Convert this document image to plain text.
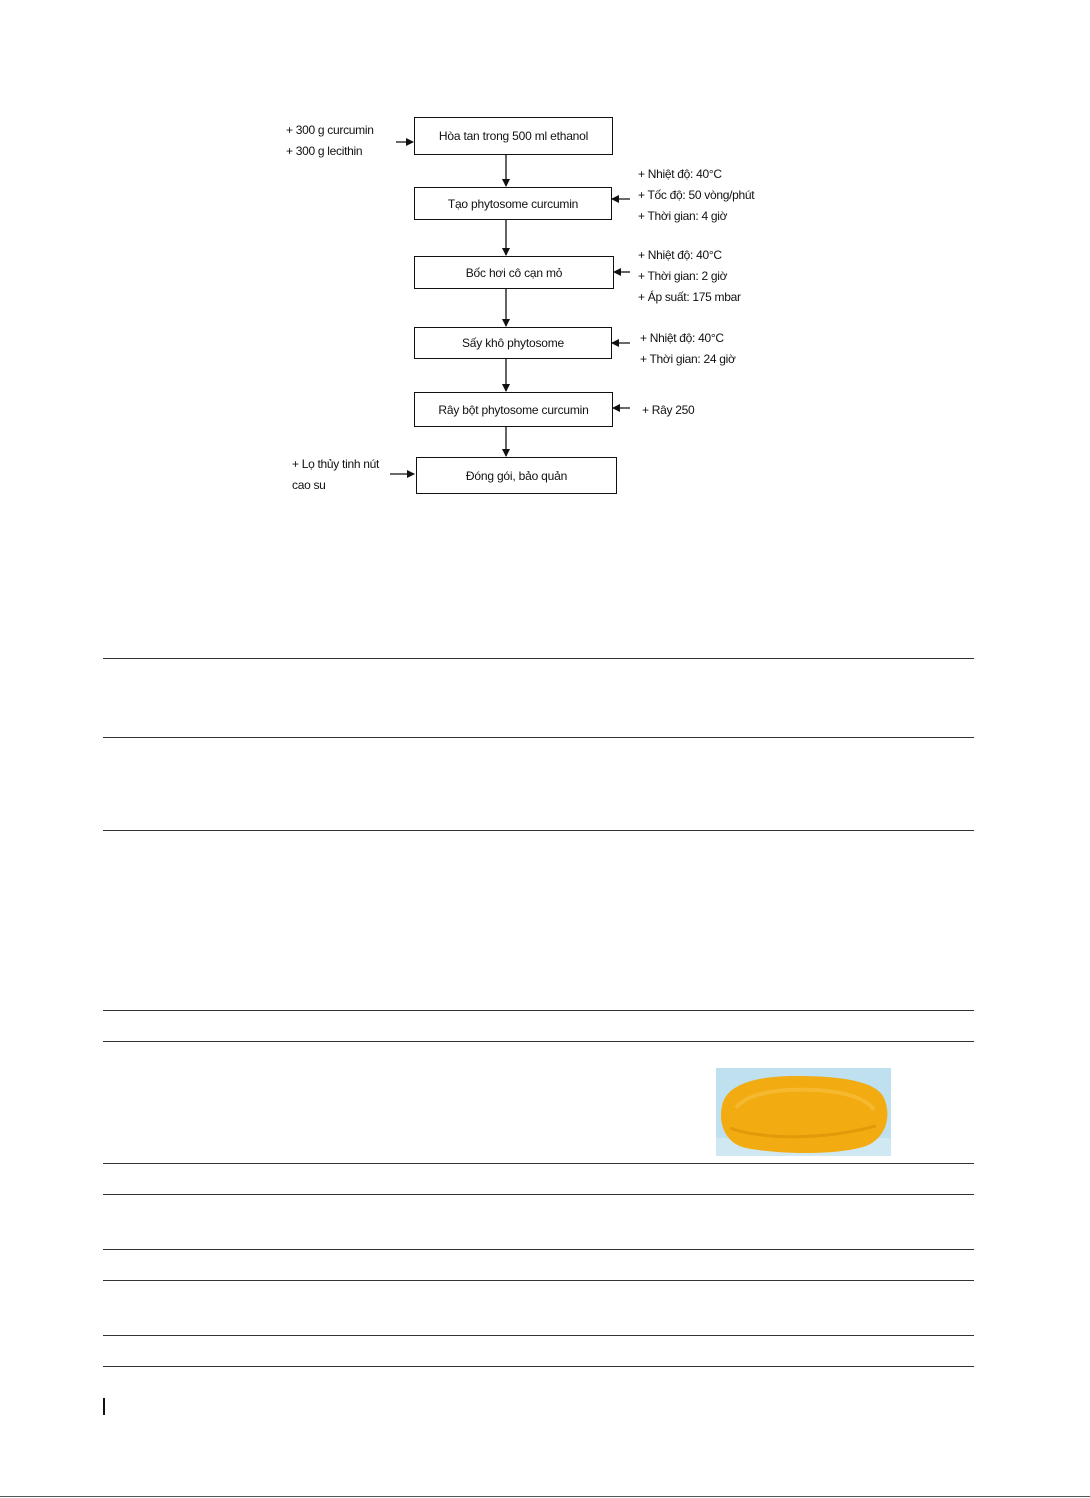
Hòa tan trong 500 ml ethanol
Tạo phytosome curcumin
Bốc hơi cô cạn mỏ
Sấy khô phytosome
Rây bột phytosome curcumin
Đóng gói, bảo quản
+ 300 g curcumin
+ 300 g lecithin
+ Lọ thủy tinh nút
cao su
+ Nhiệt độ: 40°C
+ Tốc độ: 50 vòng/phút
+ Thời gian: 4 giờ
+ Nhiệt độ: 40°C
+ Thời gian: 2 giờ
+ Áp suất: 175 mbar
+ Nhiệt độ: 40°C
+ Thời gian: 24 giờ
+ Rây 250
